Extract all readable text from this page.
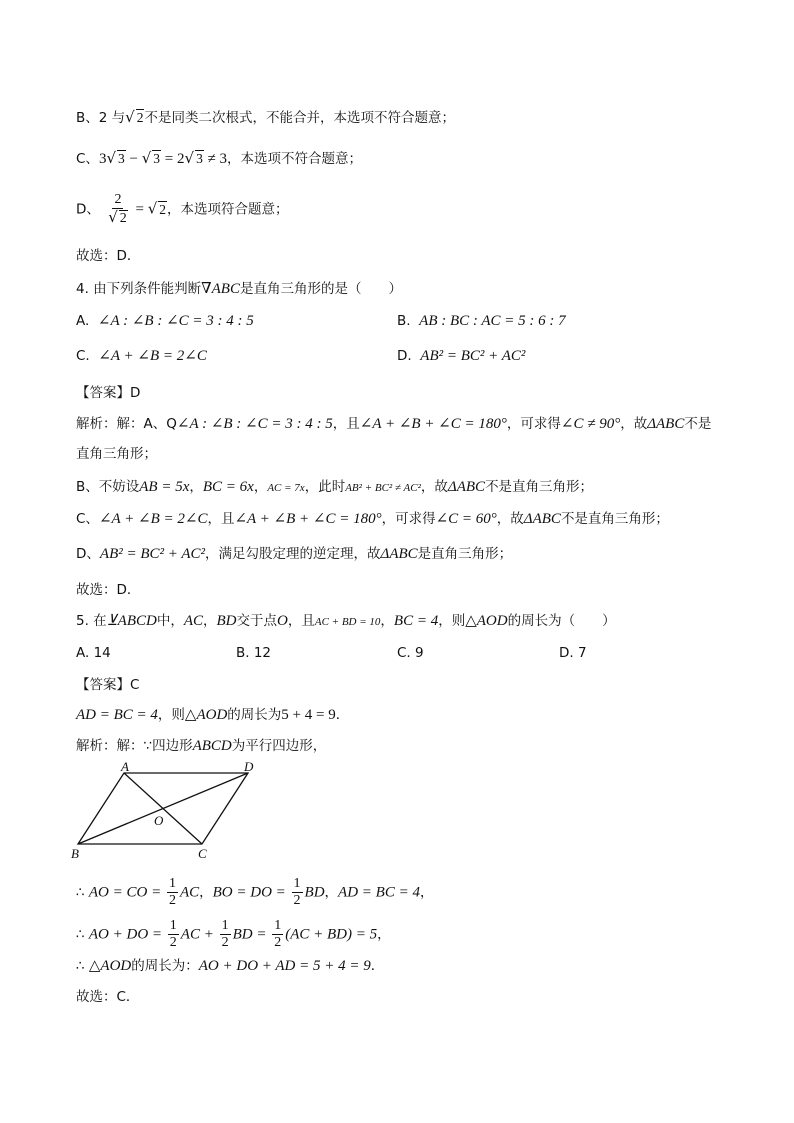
B、2 与√ 2不是同类二次根式，不能合并，本选项不符合题意；
C、3√ 3 − √ 3 = 2√ 3 ≠ 3，本选项不符合题意；
D、 $\frac{2}{√ 2}$ = √ 2，本选项符合题意；
故选：D．
4. 由下列条件能判断∇ABC是直角三角形的是（　　）
A. ∠A : ∠B : ∠C = 3 : 4 : 5	B. AB : BC : AC = 5 : 6 : 7
C. ∠A + ∠B = 2∠C	D. AB² = BC² + AC²
【答案】D
解析：解：A、Q∠A : ∠B : ∠C = 3 : 4 : 5，且∠A + ∠B + ∠C = 180°，可求得∠C ≠ 90°，故ΔABC不是
直角三角形；
B、不妨设AB = 5x，BC = 6x，AC = 7x，此时AB² + BC² ≠ AC²，故ΔABC不是直角三角形；
C、∠A + ∠B = 2∠C，且∠A + ∠B + ∠C = 180°，可求得∠C = 60°，故ΔABC不是直角三角形；
D、AB² = BC² + AC²，满足勾股定理的逆定理，故ΔABC是直角三角形；
故选：D．
5. 在⊻ABCD中，AC，BD交于点O，且AC + BD = 10，BC = 4，则△AOD的周长为（　　）
A. 14	B. 12	C. 9	D. 7
【答案】C
AD = BC = 4，则△AOD的周长为5 + 4 = 9．
解析：解：∵四边形ABCD为平行四边形，
A	D
B	C
O
∴ AO = CO = $\frac{1}{2}$ AC，BO = DO = $\frac{1}{2}$ BD，AD = BC = 4，
∴ AO + DO = $\frac{1}{2}$ AC + $\frac{1}{2}$ BD = $\frac{1}{2} (AC + BD) = 5$，
∴ △AOD的周长为：AO + DO + AD = 5 + 4 = 9．
故选：C．
